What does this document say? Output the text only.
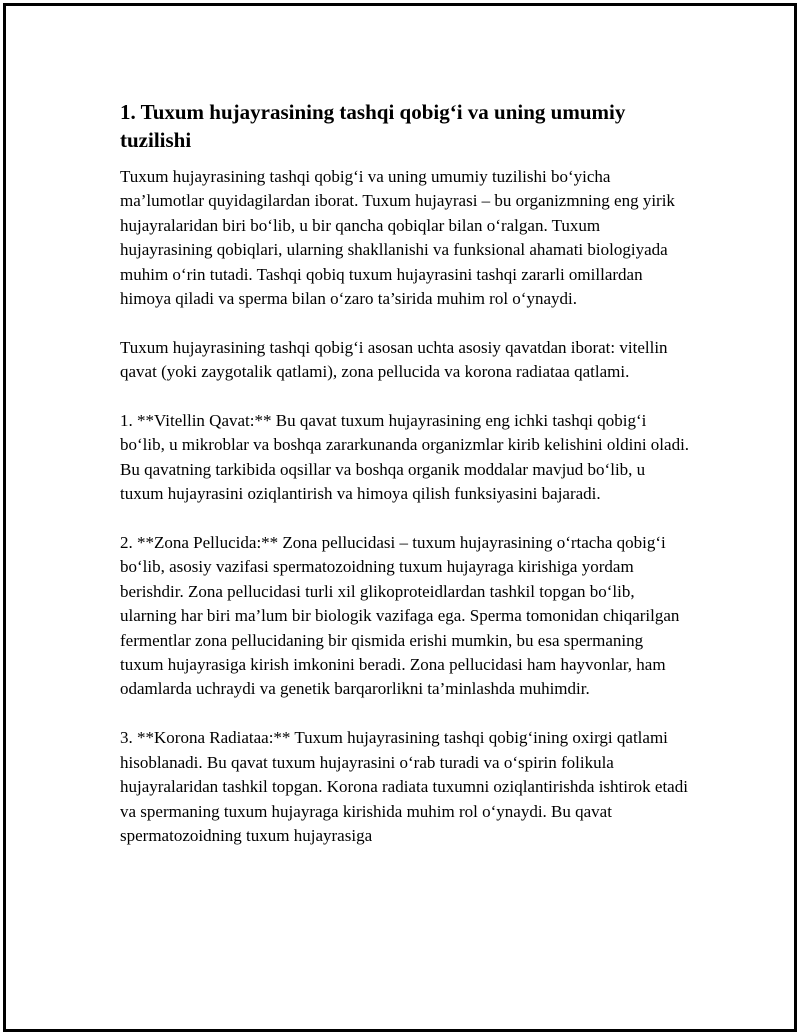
1. Tuxum hujayrasining tashqi qobig‘i va uning umumiy tuzilishi

Tuxum hujayrasining tashqi qobig‘i va uning umumiy tuzilishi bo‘yicha ma’lumotlar quyidagilardan iborat. Tuxum hujayrasi – bu organizmning eng yirik hujayralaridan biri bo‘lib, u bir qancha qobiqlar bilan o‘ralgan. Tuxum hujayrasining qobiqlari, ularning shakllanishi va funksional ahamati biologiyada muhim o‘rin tutadi. Tashqi qobiq tuxum hujayrasini tashqi zararli omillardan himoya qiladi va sperma bilan o‘zaro ta’sirida muhim rol o‘ynaydi.

Tuxum hujayrasining tashqi qobig‘i asosan uchta asosiy qavatdan iborat: vitellin qavat (yoki zaygotalik qatlami), zona pellucida va korona radiataa qatlami.

1. **Vitellin Qavat:** Bu qavat tuxum hujayrasining eng ichki tashqi qobig‘i bo‘lib, u mikroblar va boshqa zararkunanda organizmlar kirib kelishini oldini oladi. Bu qavatning tarkibida oqsillar va boshqa organik moddalar mavjud bo‘lib, u tuxum hujayrasini oziqlantirish va himoya qilish funksiyasini bajaradi.

2. **Zona Pellucida:** Zona pellucidasi – tuxum hujayrasining o‘rtacha qobig‘i bo‘lib, asosiy vazifasi spermatozoidning tuxum hujayraga kirishiga yordam berishdir. Zona pellucidasi turli xil glikoproteidlardan tashkil topgan bo‘lib, ularning har biri ma’lum bir biologik vazifaga ega. Sperma tomonidan chiqarilgan fermentlar zona pellucidaning bir qismida erishi mumkin, bu esa spermaning tuxum hujayrasiga kirish imkonini beradi. Zona pellucidasi ham hayvonlar, ham odamlarda uchraydi va genetik barqarorlikni ta’minlashda muhimdir.

3. **Korona Radiataa:** Tuxum hujayrasining tashqi qobig‘ining oxirgi qatlami hisoblanadi. Bu qavat tuxum hujayrasini o‘rab turadi va o‘spirin folikula hujayralaridan tashkil topgan. Korona radiata tuxumni oziqlantirishda ishtirok etadi va spermaning tuxum hujayraga kirishida muhim rol o‘ynaydi. Bu qavat spermatozoidning tuxum hujayrasiga
